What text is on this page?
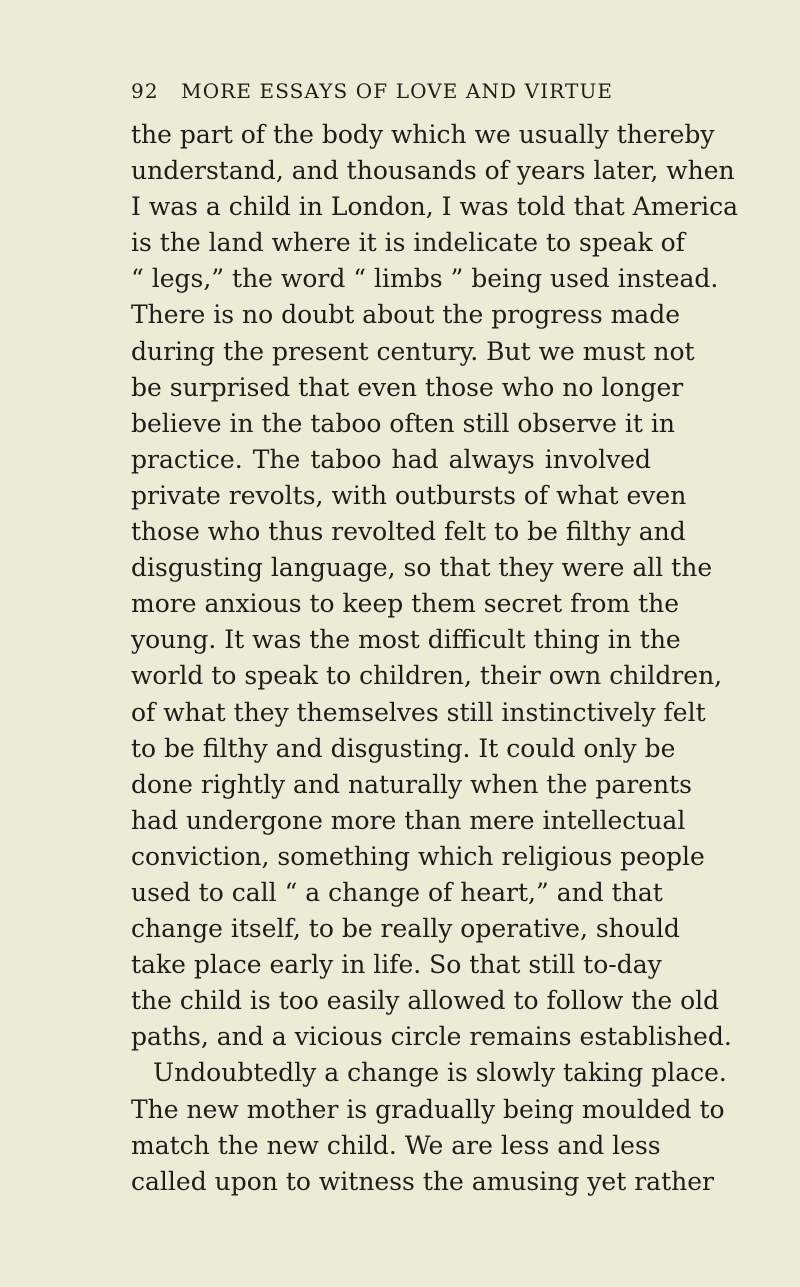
92 MORE ESSAYS OF LOVE AND VIRTUE
the part of the body which we usually thereby
understand, and thousands of years later, when
I was a child in London, I was told that America
is the land where it is indelicate to speak of
“ legs,” the word “ limbs ” being used instead.
There is no doubt about the progress made
during the present century. But we must not
be surprised that even those who no longer
believe in the taboo often still observe it in
practice. The taboo had always involved
private revolts, with outbursts of what even
those who thus revolted felt to be filthy and
disgusting language, so that they were all the
more anxious to keep them secret from the
young. It was the most difficult thing in the
world to speak to children, their own children,
of what they themselves still instinctively felt
to be filthy and disgusting. It could only be
done rightly and naturally when the parents
had undergone more than mere intellectual
conviction, something which religious people
used to call “ a change of heart,” and that
change itself, to be really operative, should
take place early in life. So that still to-day
the child is too easily allowed to follow the old
paths, and a vicious circle remains established.
Undoubtedly a change is slowly taking place.
The new mother is gradually being moulded to
match the new child. We are less and less
called upon to witness the amusing yet rather
